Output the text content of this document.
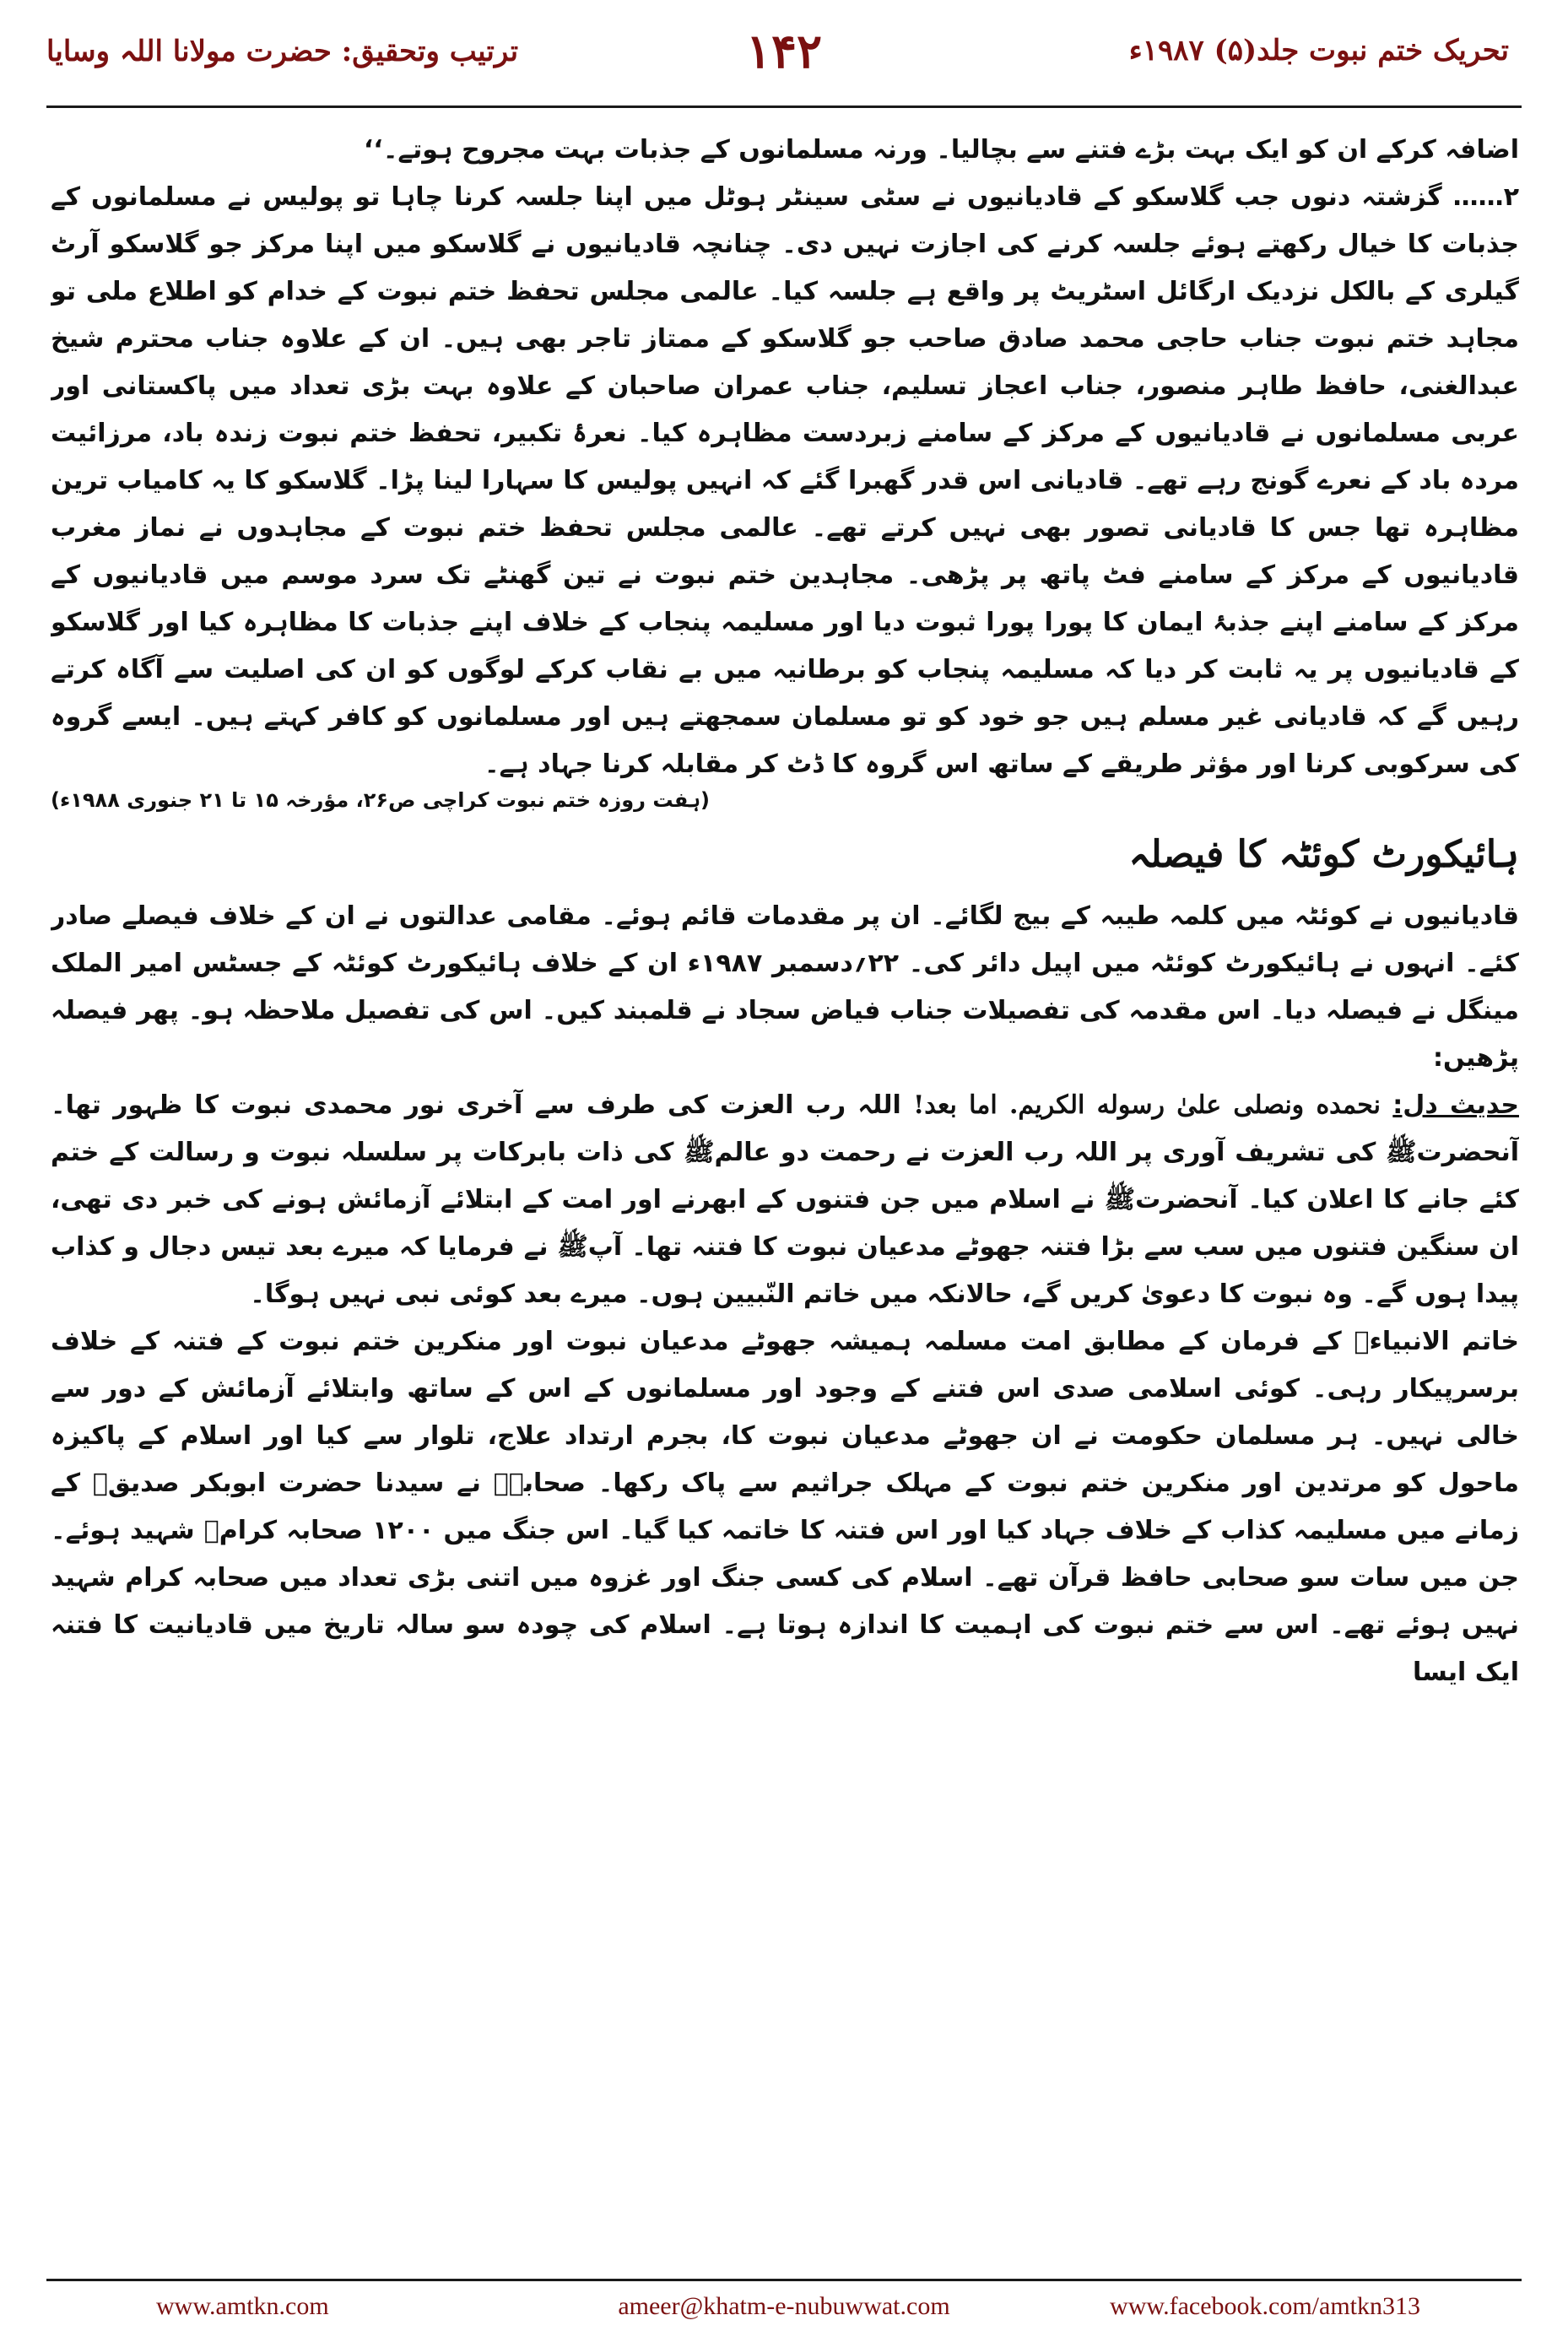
تحریک ختم نبوت جلد(۵) ۱۹۸۷ء
۱۴۲
ترتیب وتحقیق: حضرت مولانا اللہ وسایا

اضافہ کرکے ان کو ایک بہت بڑے فتنے سے بچالیا۔ ورنہ مسلمانوں کے جذبات بہت مجروح ہوتے۔‘‘

۲…… گزشتہ دنوں جب گلاسکو کے قادیانیوں نے سٹی سینٹر ہوٹل میں اپنا جلسہ کرنا چاہا تو پولیس نے مسلمانوں کے جذبات کا خیال رکھتے ہوئے جلسہ کرنے کی اجازت نہیں دی۔ چنانچہ قادیانیوں نے گلاسکو میں اپنا مرکز جو گلاسکو آرٹ گیلری کے بالکل نزدیک ارگائل اسٹریٹ پر واقع ہے جلسہ کیا۔ عالمی مجلس تحفظ ختم نبوت کے خدام کو اطلاع ملی تو مجاہد ختم نبوت جناب حاجی محمد صادق صاحب جو گلاسکو کے ممتاز تاجر بھی ہیں۔ ان کے علاوہ جناب محترم شیخ عبدالغنی، حافظ طاہر منصور، جناب اعجاز تسلیم، جناب عمران صاحبان کے علاوہ بہت بڑی تعداد میں پاکستانی اور عربی مسلمانوں نے قادیانیوں کے مرکز کے سامنے زبردست مظاہرہ کیا۔ نعرۂ تکبیر، تحفظ ختم نبوت زندہ باد، مرزائیت مردہ باد کے نعرے گونج رہے تھے۔ قادیانی اس قدر گھبرا گئے کہ انہیں پولیس کا سہارا لینا پڑا۔ گلاسکو کا یہ کامیاب ترین مظاہرہ تھا جس کا قادیانی تصور بھی نہیں کرتے تھے۔ عالمی مجلس تحفظ ختم نبوت کے مجاہدوں نے نماز مغرب قادیانیوں کے مرکز کے سامنے فٹ پاتھ پر پڑھی۔ مجاہدین ختم نبوت نے تین گھنٹے تک سرد موسم میں قادیانیوں کے مرکز کے سامنے اپنے جذبۂ ایمان کا پورا پورا ثبوت دیا اور مسلیمہ پنجاب کے خلاف اپنے جذبات کا مظاہرہ کیا اور گلاسکو کے قادیانیوں پر یہ ثابت کر دیا کہ مسلیمہ پنجاب کو برطانیہ میں بے نقاب کرکے لوگوں کو ان کی اصلیت سے آگاہ کرتے رہیں گے کہ قادیانی غیر مسلم ہیں جو خود کو تو مسلمان سمجھتے ہیں اور مسلمانوں کو کافر کہتے ہیں۔ ایسے گروہ کی سرکوبی کرنا اور مؤثر طریقے کے ساتھ اس گروہ کا ڈٹ کر مقابلہ کرنا جہاد ہے۔

(ہفت روزہ ختم نبوت کراچی ص۲۶، مؤرخہ ۱۵ تا ۲۱ جنوری ۱۹۸۸ء)
ہائیکورٹ کوئٹہ کا فیصلہ

قادیانیوں نے کوئٹہ میں کلمہ طیبہ کے بیج لگائے۔ ان پر مقدمات قائم ہوئے۔ مقامی عدالتوں نے ان کے خلاف فیصلے صادر کئے۔ انہوں نے ہائیکورٹ کوئٹہ میں اپیل دائر کی۔ ۲۲؍دسمبر ۱۹۸۷ء ان کے خلاف ہائیکورٹ کوئٹہ کے جسٹس امیر الملک مینگل نے فیصلہ دیا۔ اس مقدمہ کی تفصیلات جناب فیاض سجاد نے قلمبند کیں۔ اس کی تفصیل ملاحظہ ہو۔ پھر فیصلہ پڑھیں:

حدیث دل: نحمده ونصلی علیٰ رسوله الکریم. اما بعد! اللہ رب العزت کی طرف سے آخری نور محمدی نبوت کا ظہور تھا۔ آنحضرتﷺ کی تشریف آوری پر اللہ رب العزت نے رحمت دو عالمﷺ کی ذات بابرکات پر سلسلہ نبوت و رسالت کے ختم کئے جانے کا اعلان کیا۔ آنحضرتﷺ نے اسلام میں جن فتنوں کے ابھرنے اور امت کے ابتلائے آزمائش ہونے کی خبر دی تھی، ان سنگین فتنوں میں سب سے بڑا فتنہ جھوٹے مدعیان نبوت کا فتنہ تھا۔ آپﷺ نے فرمایا کہ میرے بعد تیس دجال و کذاب پیدا ہوں گے۔ وہ نبوت کا دعویٰ کریں گے، حالانکہ میں خاتم النّبیین ہوں۔ میرے بعد کوئی نبی نہیں ہوگا۔

خاتم الانبیاءﷺ کے فرمان کے مطابق امت مسلمہ ہمیشہ جھوٹے مدعیان نبوت اور منکرین ختم نبوت کے فتنہ کے خلاف برسرپیکار رہی۔ کوئی اسلامی صدی اس فتنے کے وجود اور مسلمانوں کے اس کے ساتھ وابتلائے آزمائش کے دور سے خالی نہیں۔ ہر مسلمان حکومت نے ان جھوٹے مدعیان نبوت کا، بجرم ارتداد علاج، تلوار سے کیا اور اسلام کے پاکیزہ ماحول کو مرتدین اور منکرین ختم نبوت کے مہلک جراثیم سے پاک رکھا۔ صحابہؓ نے سیدنا حضرت ابوبکر صدیقؓ کے زمانے میں مسلیمہ کذاب کے خلاف جہاد کیا اور اس فتنہ کا خاتمہ کیا گیا۔ اس جنگ میں ۱۲۰۰ صحابہ کرامؓ شہید ہوئے۔ جن میں سات سو صحابی حافظ قرآن تھے۔ اسلام کی کسی جنگ اور غزوہ میں اتنی بڑی تعداد میں صحابہ کرام شہید نہیں ہوئے تھے۔ اس سے ختم نبوت کی اہمیت کا اندازہ ہوتا ہے۔ اسلام کی چودہ سو سالہ تاریخ میں قادیانیت کا فتنہ ایک ایسا

www.amtkn.com	ameer@khatm-e-nubuwwat.com	www.facebook.com/amtkn313
